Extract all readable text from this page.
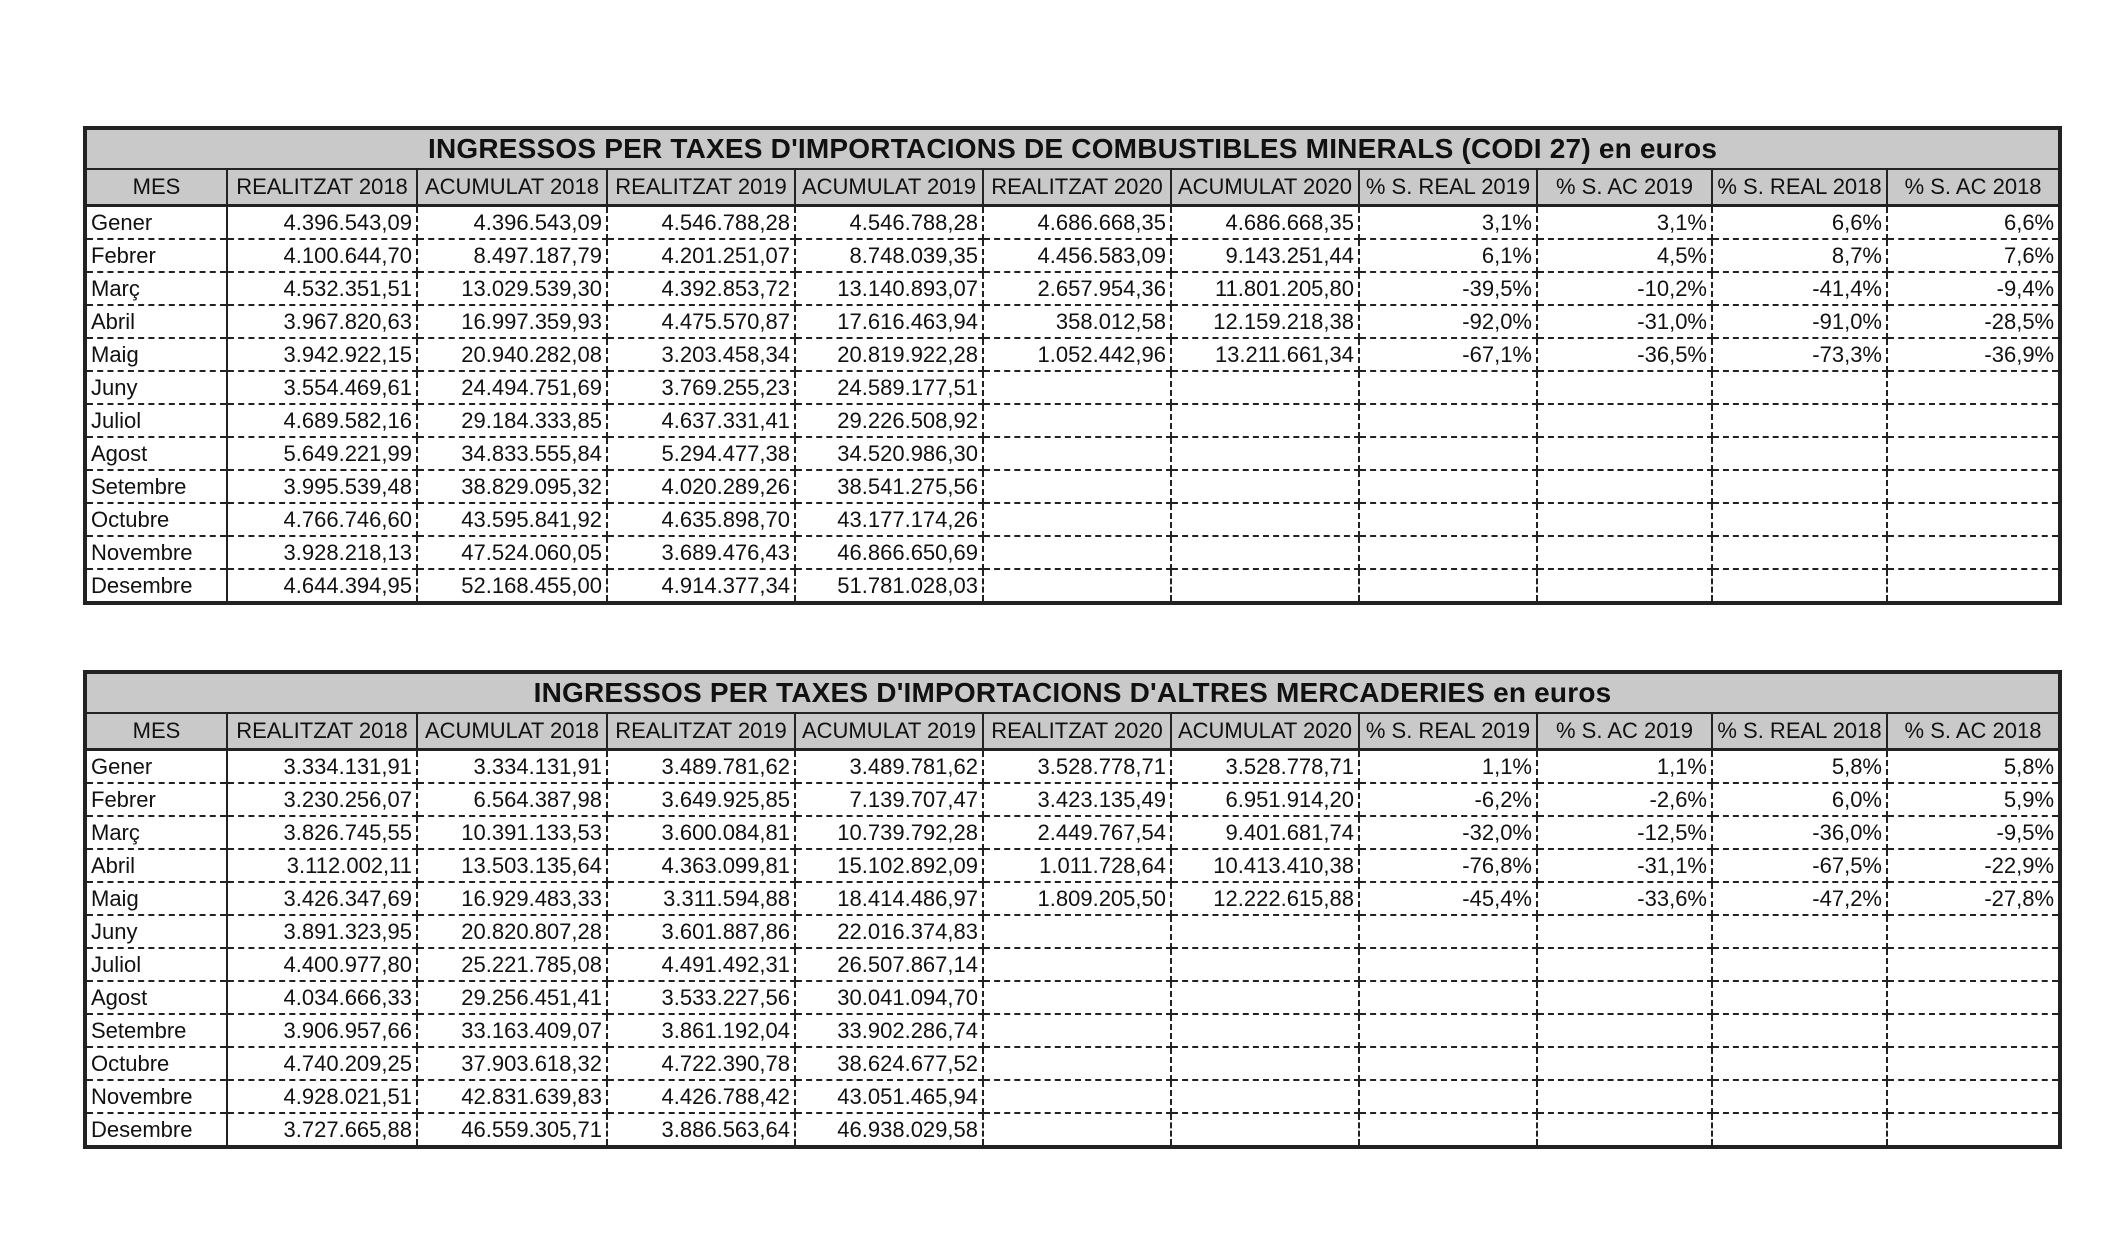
INGRESSOS PER TAXES D'IMPORTACIONS DE COMBUSTIBLES MINERALS (CODI 27) en euros										
MES	REALITZAT 2018	ACUMULAT 2018	REALITZAT 2019	ACUMULAT 2019	REALITZAT 2020	ACUMULAT 2020	% S. REAL 2019	% S. AC 2019	% S. REAL 2018	% S. AC 2018
Gener	4.396.543,09	4.396.543,09	4.546.788,28	4.546.788,28	4.686.668,35	4.686.668,35	3,1%	3,1%	6,6%	6,6%
Febrer	4.100.644,70	8.497.187,79	4.201.251,07	8.748.039,35	4.456.583,09	9.143.251,44	6,1%	4,5%	8,7%	7,6%
Març	4.532.351,51	13.029.539,30	4.392.853,72	13.140.893,07	2.657.954,36	11.801.205,80	-39,5%	-10,2%	-41,4%	-9,4%
Abril	3.967.820,63	16.997.359,93	4.475.570,87	17.616.463,94	358.012,58	12.159.218,38	-92,0%	-31,0%	-91,0%	-28,5%
Maig	3.942.922,15	20.940.282,08	3.203.458,34	20.819.922,28	1.052.442,96	13.211.661,34	-67,1%	-36,5%	-73,3%	-36,9%
Juny	3.554.469,61	24.494.751,69	3.769.255,23	24.589.177,51						
Juliol	4.689.582,16	29.184.333,85	4.637.331,41	29.226.508,92						
Agost	5.649.221,99	34.833.555,84	5.294.477,38	34.520.986,30						
Setembre	3.995.539,48	38.829.095,32	4.020.289,26	38.541.275,56						
Octubre	4.766.746,60	43.595.841,92	4.635.898,70	43.177.174,26						
Novembre	3.928.218,13	47.524.060,05	3.689.476,43	46.866.650,69						
Desembre	4.644.394,95	52.168.455,00	4.914.377,34	51.781.028,03						
INGRESSOS PER TAXES D'IMPORTACIONS D'ALTRES MERCADERIES en euros										
MES	REALITZAT 2018	ACUMULAT 2018	REALITZAT 2019	ACUMULAT 2019	REALITZAT 2020	ACUMULAT 2020	% S. REAL 2019	% S. AC 2019	% S. REAL 2018	% S. AC 2018
Gener	3.334.131,91	3.334.131,91	3.489.781,62	3.489.781,62	3.528.778,71	3.528.778,71	1,1%	1,1%	5,8%	5,8%
Febrer	3.230.256,07	6.564.387,98	3.649.925,85	7.139.707,47	3.423.135,49	6.951.914,20	-6,2%	-2,6%	6,0%	5,9%
Març	3.826.745,55	10.391.133,53	3.600.084,81	10.739.792,28	2.449.767,54	9.401.681,74	-32,0%	-12,5%	-36,0%	-9,5%
Abril	3.112.002,11	13.503.135,64	4.363.099,81	15.102.892,09	1.011.728,64	10.413.410,38	-76,8%	-31,1%	-67,5%	-22,9%
Maig	3.426.347,69	16.929.483,33	3.311.594,88	18.414.486,97	1.809.205,50	12.222.615,88	-45,4%	-33,6%	-47,2%	-27,8%
Juny	3.891.323,95	20.820.807,28	3.601.887,86	22.016.374,83						
Juliol	4.400.977,80	25.221.785,08	4.491.492,31	26.507.867,14						
Agost	4.034.666,33	29.256.451,41	3.533.227,56	30.041.094,70						
Setembre	3.906.957,66	33.163.409,07	3.861.192,04	33.902.286,74						
Octubre	4.740.209,25	37.903.618,32	4.722.390,78	38.624.677,52						
Novembre	4.928.021,51	42.831.639,83	4.426.788,42	43.051.465,94						
Desembre	3.727.665,88	46.559.305,71	3.886.563,64	46.938.029,58						
